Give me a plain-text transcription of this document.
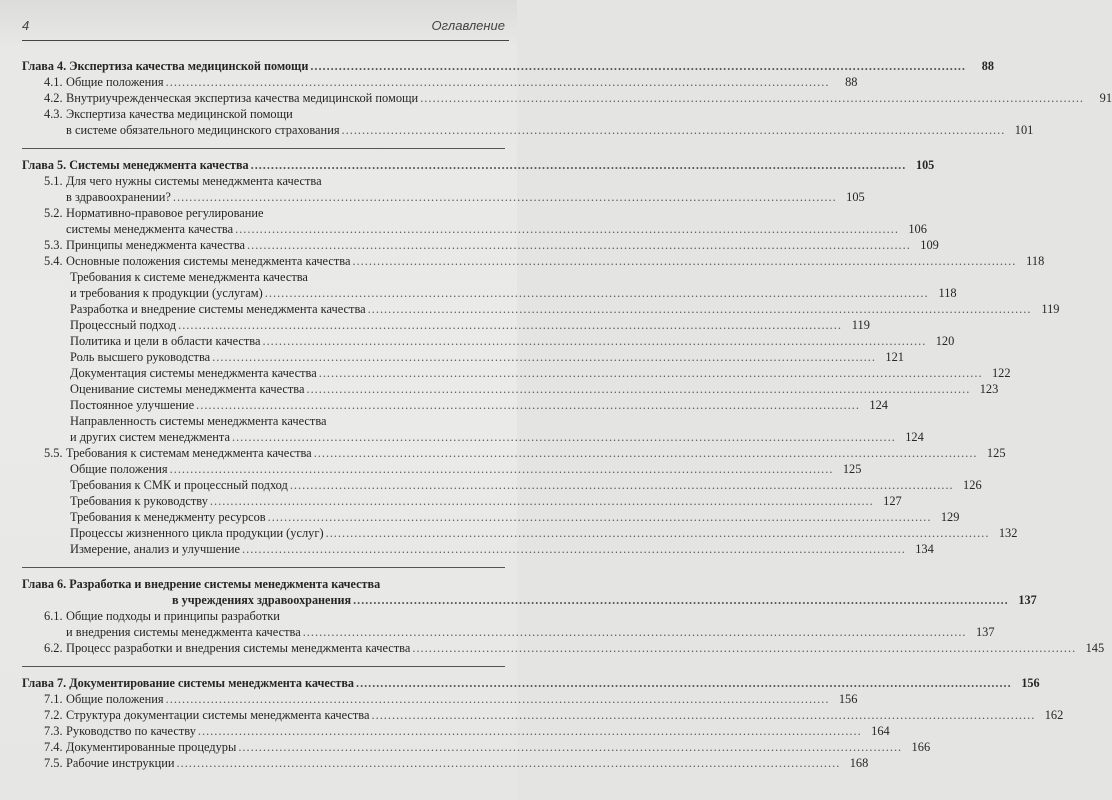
4	Оглавление
Глава 4. Экспертиза качества медицинской помощи .....	88
4.1. Общие положения .....	88
4.2. Внутриучрежденческая экспертиза качества медицинской помощи .....	91
4.3. Экспертиза качества медицинской помощи
в системе обязательного медицинского страхования .....	101
Глава 5. Системы менеджмента качества .....	105
5.1. Для чего нужны системы менеджмента качества
в здравоохранении? .....	105
5.2. Нормативно-правовое регулирование
системы менеджмента качества .....	106
5.3. Принципы менеджмента качества .....	109
5.4. Основные положения системы менеджмента качества .....	118
Требования к системе менеджмента качества
и требования к продукции (услугам) .....	118
Разработка и внедрение системы менеджмента качества .....	119
Процессный подход .....	119
Политика и цели в области качества .....	120
Роль высшего руководства .....	121
Документация системы менеджмента качества .....	122
Оценивание системы менеджмента качества .....	123
Постоянное улучшение .....	124
Направленность системы менеджмента качества
и других систем менеджмента .....	124
5.5. Требования к системам менеджмента качества .....	125
Общие положения .....	125
Требования к СМК и процессный подход .....	126
Требования к руководству .....	127
Требования к менеджменту ресурсов .....	129
Процессы жизненного цикла продукции (услуг) .....	132
Измерение, анализ и улучшение .....	134
Глава 6. Разработка и внедрение системы менеджмента качества
в учреждениях здравоохранения .....	137
6.1. Общие подходы и принципы разработки
и внедрения системы менеджмента качества .....	137
6.2. Процесс разработки и внедрения системы менеджмента качества .....	145
Глава 7. Документирование системы менеджмента качества .....	156
7.1. Общие положения .....	156
7.2. Структура документации системы менеджмента качества .....	162
7.3. Руководство по качеству .....	164
7.4. Документированные процедуры .....	166
7.5. Рабочие инструкции .....	168
